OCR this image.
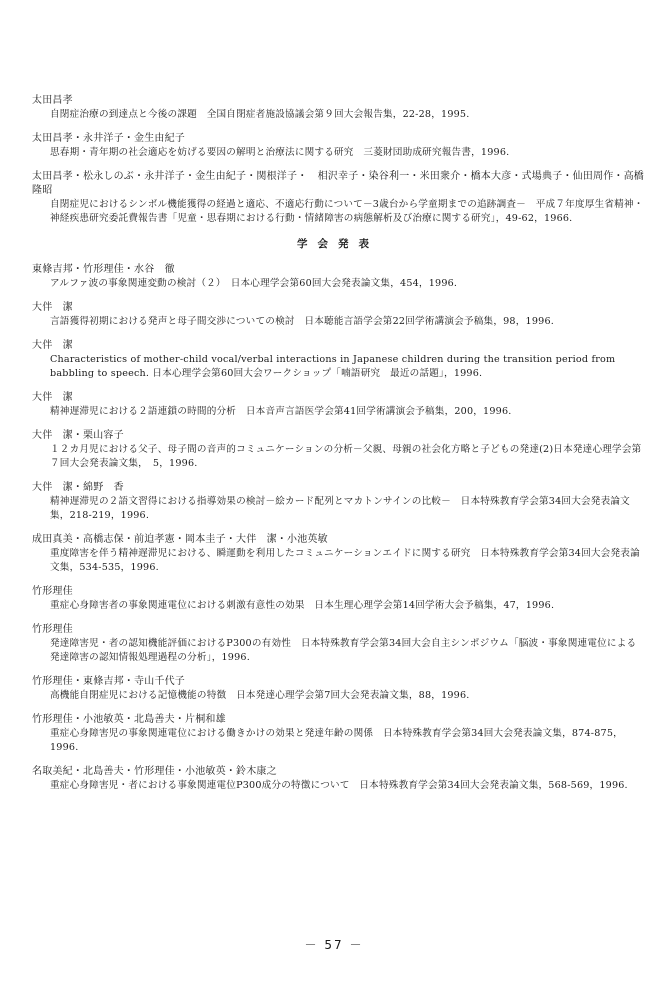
太田昌孝

自閉症治療の到達点と今後の課題　全国自閉症者施設協議会第９回大会報告集，22-28，1995.

太田昌孝・永井洋子・金生由紀子

思春期・青年期の社会適応を妨げる要因の解明と治療法に関する研究　三菱財団助成研究報告書，1996.

太田昌孝・松永しのぶ・永井洋子・金生由紀子・関根洋子・　相沢幸子・染谷利一・米田衆介・橋本大彦・式場典子・仙田周作・高橋隆昭

自閉症児におけるシンボル機能獲得の経過と適応、不適応行動について－3歳台から学童期までの追跡調査－　平成７年度厚生省精神・神経疾患研究委託費報告書「児童・思春期における行動・情緒障害の病態解析及び治療に関する研究」，49-62，1966.

学会発表

東條吉邦・竹形理佳・水谷　徹

アルファ波の事象関連変動の検討（２）　日本心理学会第60回大会発表論文集，454，1996.

大伴　潔

言語獲得初期における発声と母子間交渉についての検討　日本聴能言語学会第22回学術講演会予稿集，98，1996.

大伴　潔

Characteristics of mother-child vocal/verbal interactions in Japanese children during the transition period from babbling to speech. 日本心理学会第60回大会ワークショップ「喃語研究　最近の話題」，1996.

大伴　潔

精神遅滞児における２語連鎖の時間的分析　日本音声言語医学会第41回学術講演会予稿集，200，1996.

大伴　潔・栗山容子

１２カ月児における父子、母子間の音声的コミュニケーションの分析－父親、母親の社会化方略と子どもの発達(2)日本発達心理学会第７回大会発表論文集，　5，1996.

大伴　潔・綿野　香

精神遅滞児の２語文習得における指導効果の検討－絵カード配列とマカトンサインの比較－　日本特殊教育学会第34回大会発表論文集，218-219，1996.

成田真美・高橋志保・前迫孝憲・岡本圭子・大伴　潔・小池英敏

重度障害を伴う精神遅滞児における、瞬運動を利用したコミュニケーションエイドに関する研究　日本特殊教育学会第34回大会発表論文集，534-535，1996.

竹形理佳

重症心身障害者の事象関連電位における刺激有意性の効果　日本生理心理学会第14回学術大会予稿集，47，1996.

竹形理佳

発達障害児・者の認知機能評価におけるP300の有効性　日本特殊教育学会第34回大会自主シンポジウム「脳波・事象関連電位による発達障害の認知情報処理過程の分析」，1996.

竹形理佳・東條吉邦・寺山千代子

高機能自閉症児における記憶機能の特徴　日本発達心理学会第7回大会発表論文集，88，1996.

竹形理佳・小池敏英・北島善夫・片桐和雄

重症心身障害児の事象関連電位における働きかけの効果と発達年齢の関係　日本特殊教育学会第34回大会発表論文集，874-875，1996.

名取美紀・北島善夫・竹形理佳・小池敏英・鈴木康之

重症心身障害児・者における事象関連電位P300成分の特徴について　日本特殊教育学会第34回大会発表論文集，568-569，1996.

－ 57 －
